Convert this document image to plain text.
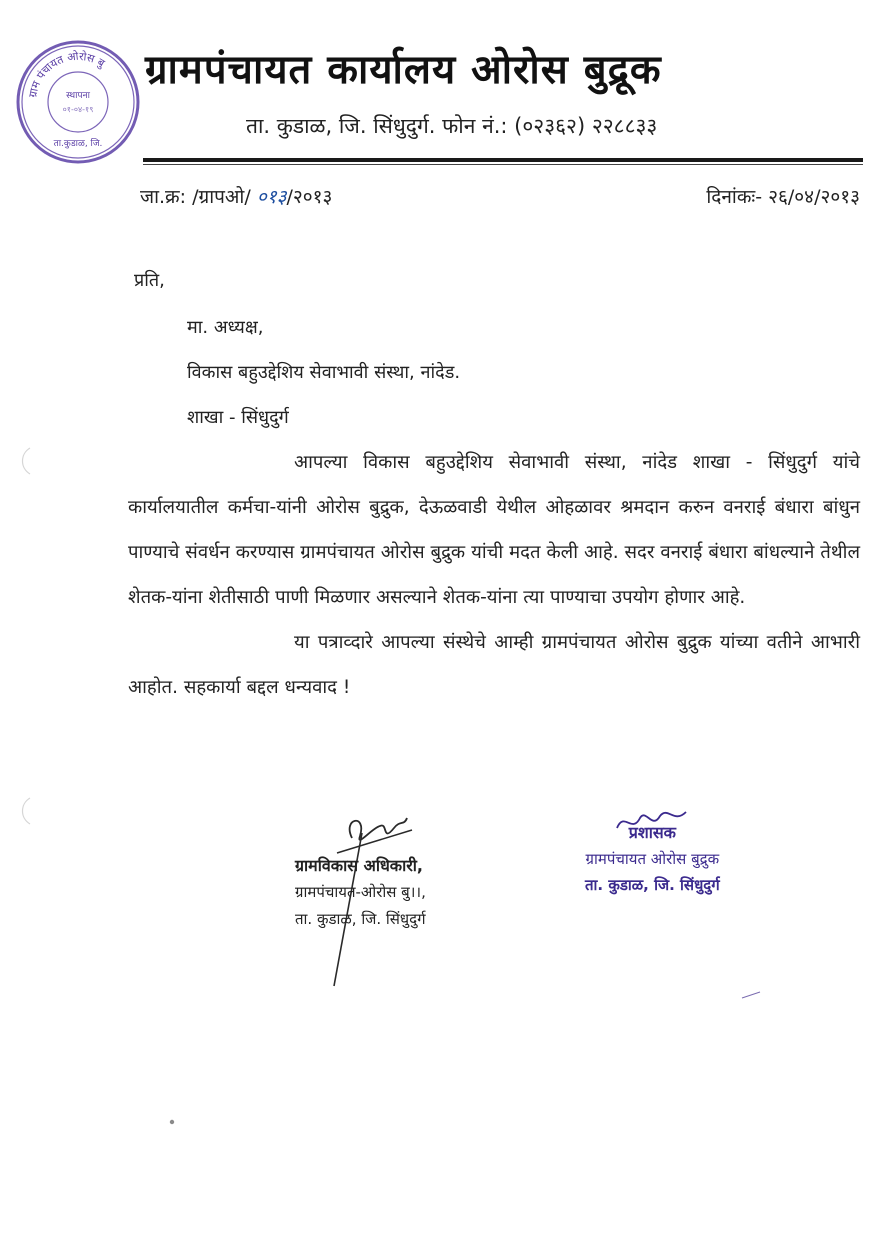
ग्राम पंचायत ओरोस बु
स्थापना
०१-०४-१९
ता.कुडाळ, जि.
ग्रामपंचायत कार्यालय ओरोस बुद्रूक
ता. कुडाळ, जि. सिंधुदुर्ग. फोन नं.: (०२३६२) २२८८३३
जा.क्र: /ग्रापओ/ ०१३/२०१३	दिनांकः- २६/०४/२०१३
प्रति,
मा. अध्यक्ष,
विकास बहुउद्देशिय सेवाभावी संस्था, नांदेड.
शाखा - सिंधुदुर्ग

आपल्या विकास बहुउद्देशिय सेवाभावी संस्था, नांदेड शाखा - सिंधुदुर्ग यांचे कार्यालयातील कर्मचा-यांनी ओरोस बुद्रुक, देऊळवाडी येथील ओहळावर श्रमदान करुन वनराई बंधारा बांधुन पाण्याचे संवर्धन करण्यास ग्रामपंचायत ओरोस बुद्रुक यांची मदत केली आहे. सदर वनराई बंधारा बांधल्याने तेथील शेतक-यांना शेतीसाठी पाणी मिळणार असल्याने शेतक-यांना त्या पाण्याचा उपयोग होणार आहे.

या पत्राव्दारे आपल्या संस्थेचे आम्ही ग्रामपंचायत ओरोस बुद्रुक यांच्या वतीने आभारी आहोत. सहकार्या बद्दल धन्यवाद !

ग्रामविकास अधिकारी,
ग्रामपंचायत-ओरोस बु।।,
ता. कुडाळ, जि. सिंधुदुर्ग
प्रशासक
ग्रामपंचायत ओरोस बुद्रुक
ता. कुडाळ, जि. सिंधुदुर्ग
